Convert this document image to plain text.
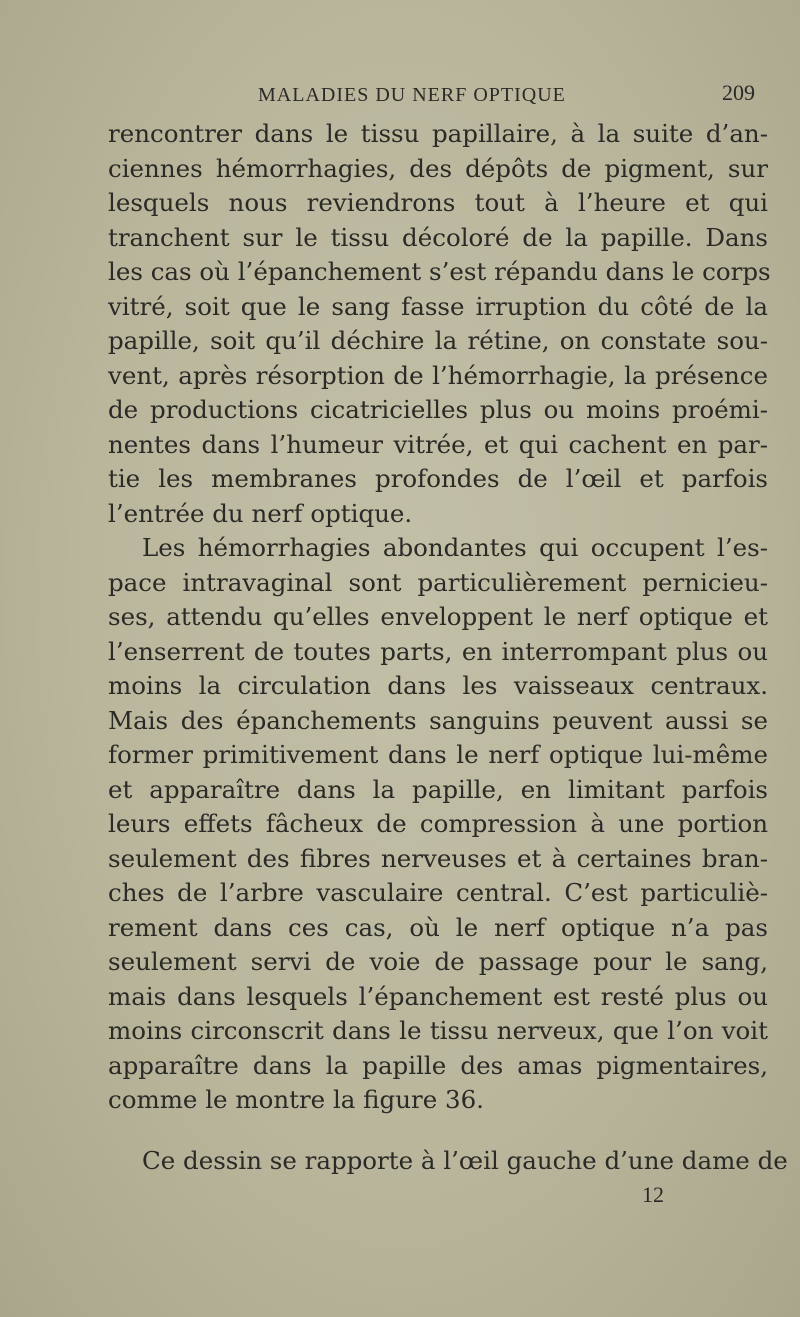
MALADIES DU NERF OPTIQUE	209
rencontrer dans le tissu papillaire, à la suite d’an-
ciennes hémorrhagies, des dépôts de pigment, sur
lesquels nous reviendrons tout à l’heure et qui
tranchent sur le tissu décoloré de la papille. Dans
les cas où l’épanchement s’est répandu dans le corps
vitré, soit que le sang fasse irruption du côté de la
papille, soit qu’il déchire la rétine, on constate sou-
vent, après résorption de l’hémorrhagie, la présence
de productions cicatricielles plus ou moins proémi-
nentes dans l’humeur vitrée, et qui cachent en par-
tie les membranes profondes de l’œil et parfois
l’entrée du nerf optique.
Les hémorrhagies abondantes qui occupent l’es-
pace intravaginal sont particulièrement pernicieu-
ses, attendu qu’elles enveloppent le nerf optique et
l’enserrent de toutes parts, en interrompant plus ou
moins la circulation dans les vaisseaux centraux.
Mais des épanchements sanguins peuvent aussi se
former primitivement dans le nerf optique lui-même
et apparaître dans la papille, en limitant parfois
leurs effets fâcheux de compression à une portion
seulement des fibres nerveuses et à certaines bran-
ches de l’arbre vasculaire central. C’est particuliè-
rement dans ces cas, où le nerf optique n’a pas
seulement servi de voie de passage pour le sang,
mais dans lesquels l’épanchement est resté plus ou
moins circonscrit dans le tissu nerveux, que l’on voit
apparaître dans la papille des amas pigmentaires,
comme le montre la figure 36.
Ce dessin se rapporte à l’œil gauche d’une dame de
12
